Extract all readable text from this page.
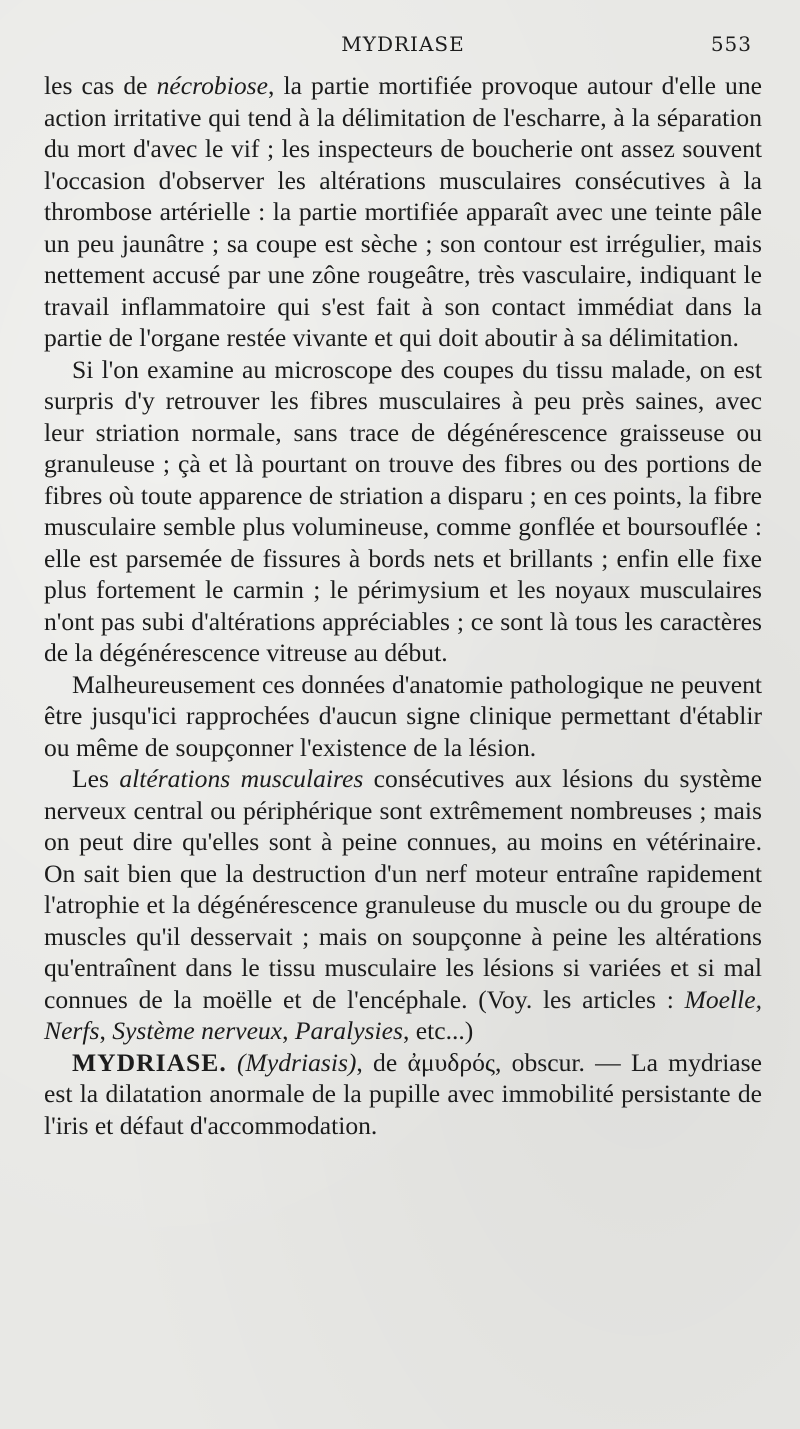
MYDRIASE	553

les cas de nécrobiose, la partie mortifiée provoque autour d'elle une action irritative qui tend à la délimitation de l'escharre, à la séparation du mort d'avec le vif ; les inspecteurs de boucherie ont assez souvent l'occasion d'observer les altérations musculaires consécutives à la thrombose artérielle : la partie mortifiée apparaît avec une teinte pâle un peu jaunâtre ; sa coupe est sèche ; son contour est irrégulier, mais nettement accusé par une zône rougeâtre, très vasculaire, indiquant le travail inflammatoire qui s'est fait à son contact immédiat dans la partie de l'organe restée vivante et qui doit aboutir à sa délimitation.

Si l'on examine au microscope des coupes du tissu malade, on est surpris d'y retrouver les fibres musculaires à peu près saines, avec leur striation normale, sans trace de dégénérescence graisseuse ou granuleuse ; çà et là pourtant on trouve des fibres ou des portions de fibres où toute apparence de striation a disparu ; en ces points, la fibre musculaire semble plus volumineuse, comme gonflée et boursouflée : elle est parsemée de fissures à bords nets et brillants ; enfin elle fixe plus fortement le carmin ; le périmysium et les noyaux musculaires n'ont pas subi d'altérations appréciables ; ce sont là tous les caractères de la dégénérescence vitreuse au début.

Malheureusement ces données d'anatomie pathologique ne peuvent être jusqu'ici rapprochées d'aucun signe clinique permettant d'établir ou même de soupçonner l'existence de la lésion.

Les altérations musculaires consécutives aux lésions du système nerveux central ou périphérique sont extrêmement nombreuses ; mais on peut dire qu'elles sont à peine connues, au moins en vétérinaire. On sait bien que la destruction d'un nerf moteur entraîne rapidement l'atrophie et la dégénérescence granuleuse du muscle ou du groupe de muscles qu'il desservait ; mais on soupçonne à peine les altérations qu'entraînent dans le tissu musculaire les lésions si variées et si mal connues de la moëlle et de l'encéphale. (Voy. les articles : Moelle, Nerfs, Système nerveux, Paralysies, etc...)

MYDRIASE. (Mydriasis), de ἀμυδρός, obscur. — La mydriase est la dilatation anormale de la pupille avec immobilité persistante de l'iris et défaut d'accommodation.
